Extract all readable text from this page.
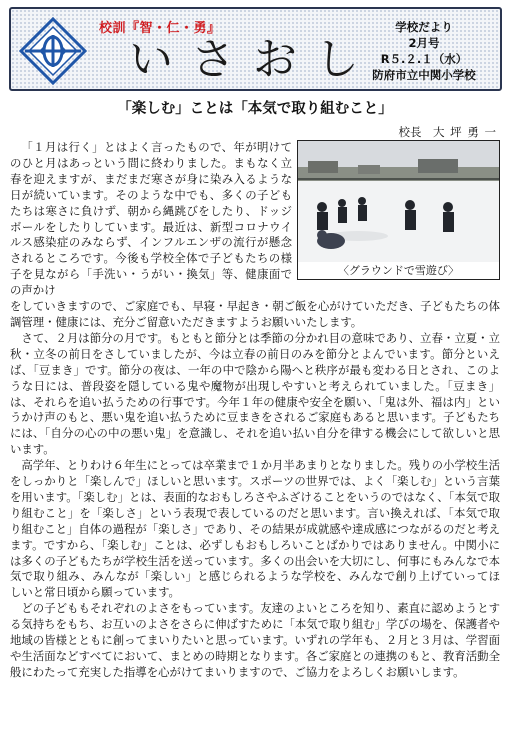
校訓『智・仁・勇』
いさおし
学校だより
2月号
R５.２.１（水）
防府市立中関小学校
「楽しむ」ことは「本気で取り組むこと」
校長　大 坪 勇 一
〈グラウンドで雪遊び〉

「１月は行く」とはよく言ったもので、年が明けてのひと月はあっという間に終わりました。まもなく立春を迎えますが、まだまだ寒さが身に染み入るような日が続いています。そのような中でも、多くの子どもたちは寒さに負けず、朝から縄跳びをしたり、ドッジボールをしたりしています。最近は、新型コロナウイルス感染症のみならず、インフルエンザの流行が懸念されるところです。今後も学校全体で子どもたちの様子を見ながら「手洗い・うがい・換気」等、健康面での声かけ

をしていきますので、ご家庭でも、早寝・早起き・朝ご飯を心がけていただき、子どもたちの体調管理・健康には、充分ご留意いただきますようお願いいたします。

さて、２月は節分の月です。もともと節分とは季節の分かれ目の意味であり、立春・立夏・立秋・立冬の前日をさしていましたが、今は立春の前日のみを節分とよんでいます。節分といえば、「豆まき」です。節分の夜は、一年の中で陰から陽へと秩序が最も変わる日とされ、このような日には、普段姿を隠している鬼や魔物が出現しやすいと考えられていました。「豆まき」は、それらを追い払うための行事です。今年１年の健康や安全を願い、「鬼は外、福は内」というかけ声のもと、悪い鬼を追い払うために豆まきをされるご家庭もあると思います。子どもたちには、「自分の心の中の悪い鬼」を意識し、それを追い払い自分を律する機会にして欲しいと思います。

高学年、とりわけ６年生にとっては卒業まで１か月半あまりとなりました。残りの小学校生活をしっかりと「楽しんで」ほしいと思います。スポーツの世界では、よく「楽しむ」という言葉を用います。「楽しむ」とは、表面的なおもしろさやふざけることをいうのではなく、「本気で取り組むこと」を「楽しさ」という表現で表しているのだと思います。言い換えれば、「本気で取り組むこと」自体の過程が「楽しさ」であり、その結果が成就感や達成感につながるのだと考えます。ですから、「楽しむ」ことは、必ずしもおもしろいことばかりではありません。中関小には多くの子どもたちが学校生活を送っています。多くの出会いを大切にし、何事にもみんなで本気で取り組み、みんなが「楽しい」と感じられるような学校を、みんなで創り上げていってほしいと常日頃から願っています。

どの子どももそれぞれのよさをもっています。友達のよいところを知り、素直に認めようとする気持ちをもち、お互いのよさをさらに伸ばすために「本気で取り組む」学びの場を、保護者や地域の皆様とともに創ってまいりたいと思っています。いずれの学年も、２月と３月は、学習面や生活面などすべてにおいて、まとめの時期となります。各ご家庭との連携のもと、教育活動全般にわたって充実した指導を心がけてまいりますので、ご協力をよろしくお願いします。
